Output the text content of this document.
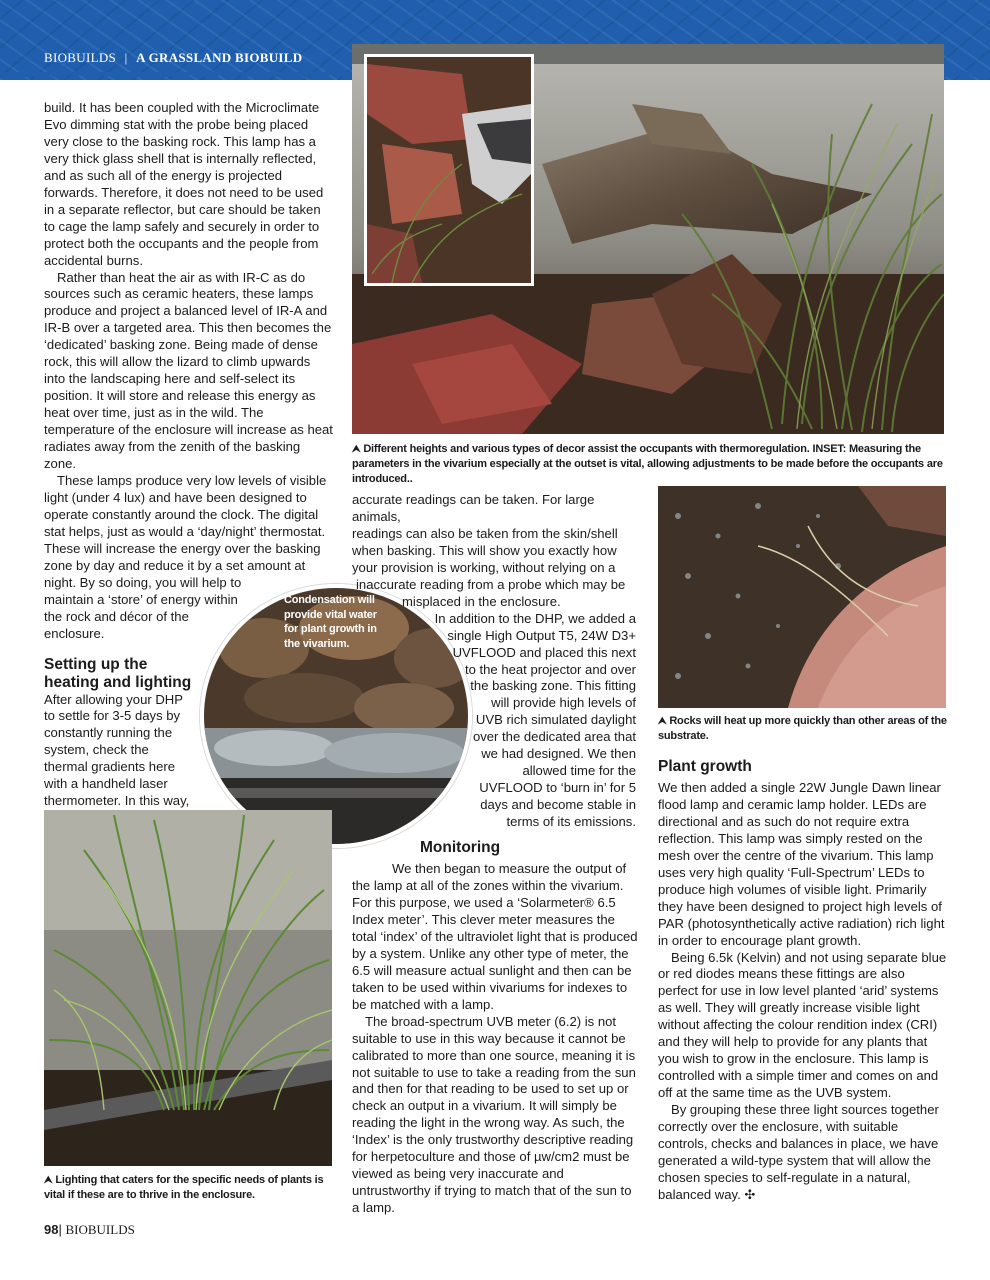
BIOBUILDS | A GRASSLAND BIOBUILD
⮝ Different heights and various types of decor assist the occupants with thermoregulation. INSET: Measuring the parameters in the vivarium especially at the outset is vital, allowing adjustments to be made before the occupants are introduced..

build. It has been coupled with the Microclimate Evo dimming stat with the probe being placed very close to the basking rock. This lamp has a very thick glass shell that is internally reflected, and as such all of the energy is projected forwards. Therefore, it does not need to be used in a separate reflector, but care should be taken to cage the lamp safely and securely in order to protect both the occupants and the people from accidental burns.

Rather than heat the air as with IR-C as do sources such as ceramic heaters, these lamps produce and project a balanced level of IR-A and IR-B over a targeted area. This then becomes the ‘dedicated’ basking zone. Being made of dense rock, this will allow the lizard to climb upwards into the landscaping here and self-select its position. It will store and release this energy as heat over time, just as in the wild. The temperature of the enclosure will increase as heat radiates away from the zenith of the basking zone.

These lamps produce very low levels of visible
light (under 4 lux) and have been designed to
operate constantly around the clock. The digital
stat helps, just as would a ‘day/night’ thermostat.
These will increase the energy over the basking
zone by day and reduce it by a set amount at
night. By so doing, you will help to
maintain a ‘store’ of energy within
the rock and décor of the
enclosure.

Setting up the heating and lighting

After allowing your DHP
to settle for 3-5 days by
constantly running the
system, check the
thermal gradients here
with a handheld laser
thermometer. In this way,

Condensation will provide vital water for plant growth in the vivarium.
⮝ Lighting that caters for the specific needs of plants is vital if these are to thrive in the enclosure.

accurate readings can be taken. For large animals,
readings can also be taken from the skin/shell
when basking. This will show you exactly how
your provision is working, without relying on a
inaccurate reading from a probe which may be
misplaced in the enclosure.

In addition to the DHP, we added a
single High Output T5, 24W D3+
UVFLOOD and placed this next
to the heat projector and over
the basking zone. This fitting
will provide high levels of
UVB rich simulated daylight
over the dedicated area that
we had designed. We then
allowed time for the
UVFLOOD to ‘burn in’ for 5
days and become stable in
terms of its emissions.

Monitoring

We then began to measure the output of the lamp at all of the zones within the vivarium. For this purpose, we used a ‘Solarmeter® 6.5 Index meter’. This clever meter measures the total ‘index’ of the ultraviolet light that is produced by a system. Unlike any other type of meter, the 6.5 will measure actual sunlight and then can be taken to be used within vivariums for indexes to be matched with a lamp.

The broad-spectrum UVB meter (6.2) is not suitable to use in this way because it cannot be calibrated to more than one source, meaning it is not suitable to use to take a reading from the sun and then for that reading to be used to set up or check an output in a vivarium. It will simply be reading the light in the wrong way. As such, the ‘Index’ is the only trustworthy descriptive reading for herpetoculture and those of µw/cm2 must be viewed as being very inaccurate and untrustworthy if trying to match that of the sun to a lamp.

⮝ Rocks will heat up more quickly than other areas of the substrate.
Plant growth

We then added a single 22W Jungle Dawn linear flood lamp and ceramic lamp holder. LEDs are directional and as such do not require extra reflection. This lamp was simply rested on the mesh over the centre of the vivarium. This lamp uses very high quality ‘Full-Spectrum’ LEDs to produce high volumes of visible light. Primarily they have been designed to project high levels of PAR (photosynthetically active radiation) rich light in order to encourage plant growth.

Being 6.5k (Kelvin) and not using separate blue or red diodes means these fittings are also perfect for use in low level planted ‘arid’ systems as well. They will greatly increase visible light without affecting the colour rendition index (CRI) and they will help to provide for any plants that you wish to grow in the enclosure. This lamp is controlled with a simple timer and comes on and off at the same time as the UVB system.

By grouping these three light sources together correctly over the enclosure, with suitable controls, checks and balances in place, we have generated a wild-type system that will allow the chosen species to self-regulate in a natural, balanced way. ✣

98| BIOBUILDS
